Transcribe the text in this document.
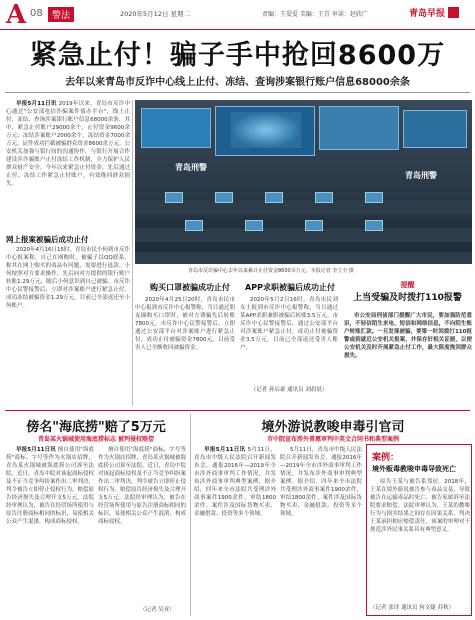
A 08	警法	2020年5月12日 星期二	责编：王爱爱 美编：王青 审读：赵欣广	青岛早报
紧急止付！骗子手中抢回8600万
去年以来青岛市反诈中心线上止付、冻结、查询涉案银行账户信息68000余条
早报5月11日讯 2019年以来，青岛市反诈中心通过"公安部电信诈骗案件侦办平台"，线上止付、冻结、查询涉案银行账户信息68000余条，其中，紧急止付账户29000余个，止付资金9600余万元；冻结涉案账户2000余个，冻结资金7000余万元，证件成功拦截被骗群众资金8600余万元。公安机关加强与银行间的沟通协作，与银行开展合作建设涉诈骗账户止付冻结工作机制，全力保护人民群众财产安全。今年以来紧急止付资金，先后通过止付、冻结工作紧急止付账户，有效挽回群众损失。
网上报案被骗后成功止付
2020年4月16日15时，青岛市民小何到市反诈中心报案称，自己在网购时，被骗子以QQ联系，称其在网上购买的商品有问题，需要进行退款。小何按照对方要求操作，先后向对方提供的银行账户转账1.29万元，随后小何意识到自己被骗。市反诈中心民警接警后，立即对涉案账户进行紧急止付，成功冻结被骗资金1.29万元，目前已全部返还至小何账户。
青岛刑警
青岛刑警
青岛市反诈骗中心去年以来累计止付资金8600余万元。本报记者 李立全 摄
购买口罩被骗成功止付
2020年4月25日20时，青岛市民市中心报到市反诈中心报警称，当日通过朋友圈购买口罩时，被对方诱骗先后转账7800元。市反诈中心民警接警后，立即通过公安部平台对涉案账户进行紧急止付，成功止付被骗资金7800元，目前受害人已全额收回被骗资金。
APP求职被骗后成功止付
2020年5月2日16时，青岛市民刘女士报到市反诈中心报警称，当日通过某APP求职兼职被骗后转账3.5万元。市反诈中心民警接警后，通过公安部平台对涉案账户紧急止付，成功止付被骗资金3.5万元，目前已全部返还受害人账户。
（记者 孙启豪 通讯员 刘晨晨）
提醒
上当受骗及时拨打110报警
市公安局刑侦部门提醒广大市民，要加强防范意识，不轻信陌生来电、短信和网络信息，不向陌生账户转账汇款。一旦发现被骗，要第一时间拨打110报警或到就近公安机关报案，并保存好相关证据，以便公安机关及时开展紧急止付工作，最大限度挽回群众损失。
傍名"海底捞"赔了5万元
青岛某火锅城使用海底捞标志 被判侵权赔偿
早报5月11日讯 擅自使用"海底捞"商标、字号等作为火锅店招牌，青岛某火锅城被海底捞公司诉至法院。近日，青岛中院对该起商标侵权及不正当竞争纠纷案作出二审判决，判令被告立即停止侵权行为，赔偿原告经济损失及合理开支5万元。法院经审理认为，被告在经营场所使用与原告注册商标相同的标识，易使相关公众产生混淆，构成商标侵权。
擅自使用"海底捞"商标、字号等作为火锅店招牌，青岛某火锅城被海底捞公司诉至法院。近日，青岛中院对该起商标侵权及不正当竞争纠纷案作出二审判决，判令被告立即停止侵权行为，赔偿原告经济损失及合理开支5万元。法院经审理认为，被告在经营场所使用与原告注册商标相同的标识，易使相关公众产生混淆，构成商标侵权。
（记者 吴亚）
境外游说教唆申毒引官司
市中院宣布涉外普惠审判中英文合同书和典型案例
早报5月11日讯 5月11日，青岛市中级人民法院召开新闻发布会，通报2016年—2019年全市涉外商事审判工作情况，并发布涉外商事审判典型案例。据介绍，四年来全市法院共受理涉外商事案件1900余件，审结1800余件。案件涉及国际货物买卖、金融借款、投资等多个领域。
5月11日，青岛市中级人民法院召开新闻发布会，通报2016年—2019年全市涉外商事审判工作情况，并发布涉外商事审判典型案例。据介绍，四年来全市法院共受理涉外商事案件1900余件，审结1800余件。案件涉及国际货物买卖、金融借款、投资等多个领域。
案例：
境外贩毒教唆申毒导致死亡
原告王某与被告系邻居。2018年，王某在境外游说被告参与毒品交易，导致被告在运输毒品时死亡。被告家属诉至法院要求赔偿。法院审理认为，王某的教唆行为与损害结果之间存在因果关系，判决王某承担相应赔偿责任。该案的审理对于规范涉外民事关系具有典型意义。
（记者 张译 通讯员 何文婕 苏秋）
